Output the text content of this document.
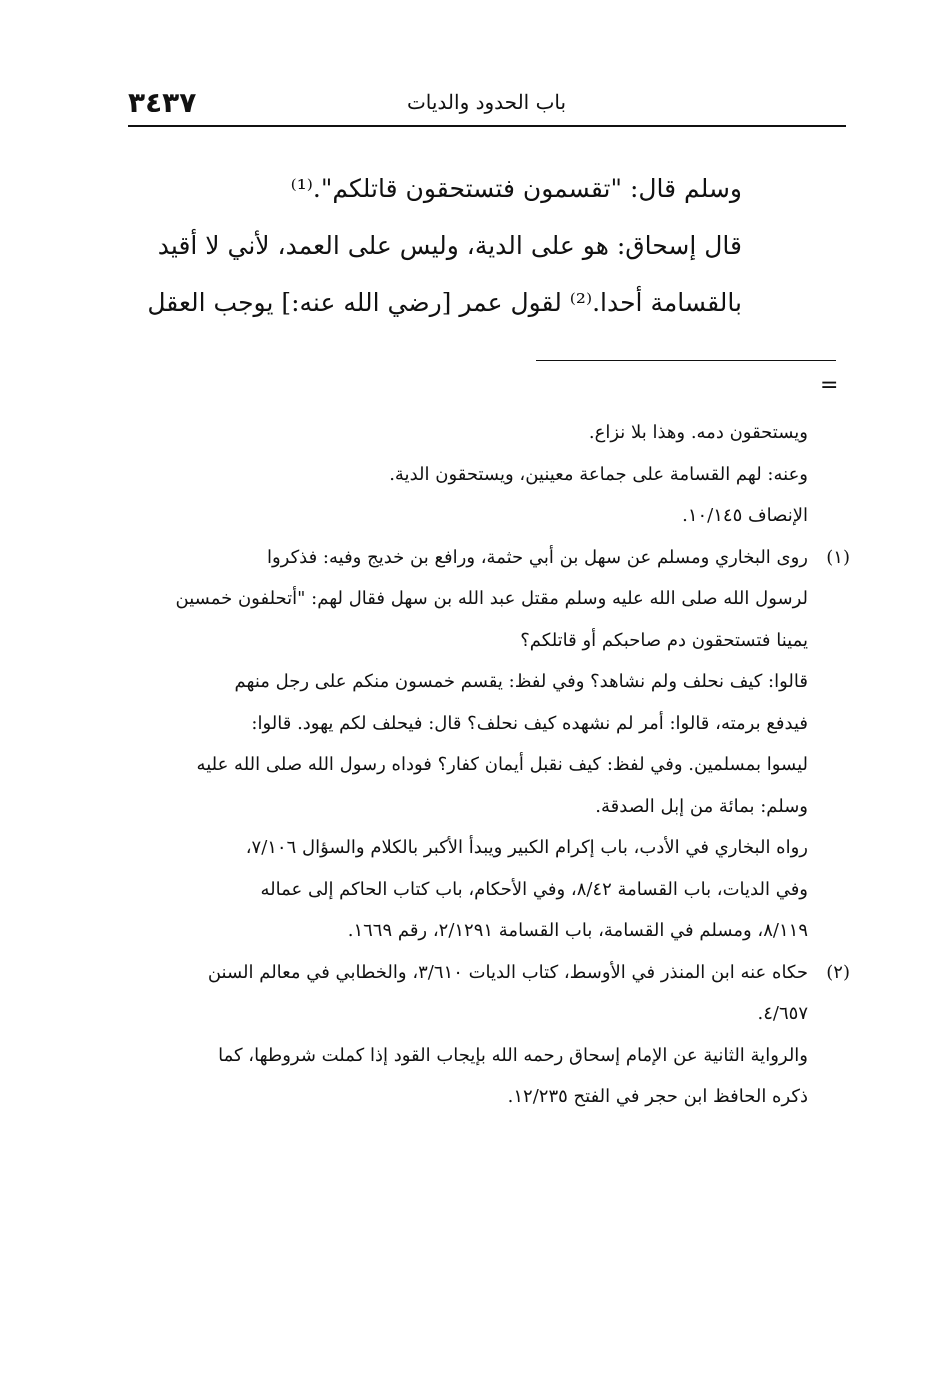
٣٤٣٧	باب الحدود والديات

وسلم قال: "تقسمون فتستحقون قاتلكم".⁽¹⁾

قال إسحاق: هو على الدية، وليس على العمد، لأني لا أقيد

بالقسامة أحدا.⁽²⁾ لقول عمر [رضي الله عنه:] يوجب العقل

=

ويستحقون دمه. وهذا بلا نزاع.

وعنه: لهم القسامة على جماعة معينين، ويستحقون الدية.

الإنصاف ١٠/١٤٥.

(١)

روى البخاري ومسلم عن سهل بن أبي حثمة، ورافع بن خديج وفيه: فذكروا

لرسول الله صلى الله عليه وسلم مقتل عبد الله بن سهل فقال لهم: "أتحلفون خمسين

يمينا فتستحقون دم صاحبكم أو قاتلكم؟

قالوا: كيف نحلف ولم نشاهد؟ وفي لفظ: يقسم خمسون منكم على رجل منهم

فيدفع برمته، قالوا: أمر لم نشهده كيف نحلف؟ قال: فيحلف لكم يهود. قالوا:

ليسوا بمسلمين. وفي لفظ: كيف نقبل أيمان كفار؟ فوداه رسول الله صلى الله عليه

وسلم: بمائة من إبل الصدقة.

رواه البخاري في الأدب، باب إكرام الكبير ويبدأ الأكبر بالكلام والسؤال ٧/١٠٦،

وفي الديات، باب القسامة ٨/٤٢، وفي الأحكام، باب كتاب الحاكم إلى عماله

٨/١١٩، ومسلم في القسامة، باب القسامة ٢/١٢٩١، رقم ١٦٦٩.

(٢)

حكاه عنه ابن المنذر في الأوسط، كتاب الديات ٣/٦١٠، والخطابي في معالم السنن

٤/٦٥٧.

والرواية الثانية عن الإمام إسحاق رحمه الله بإيجاب القود إذا كملت شروطها، كما

ذكره الحافظ ابن حجر في الفتح ١٢/٢٣٥.
